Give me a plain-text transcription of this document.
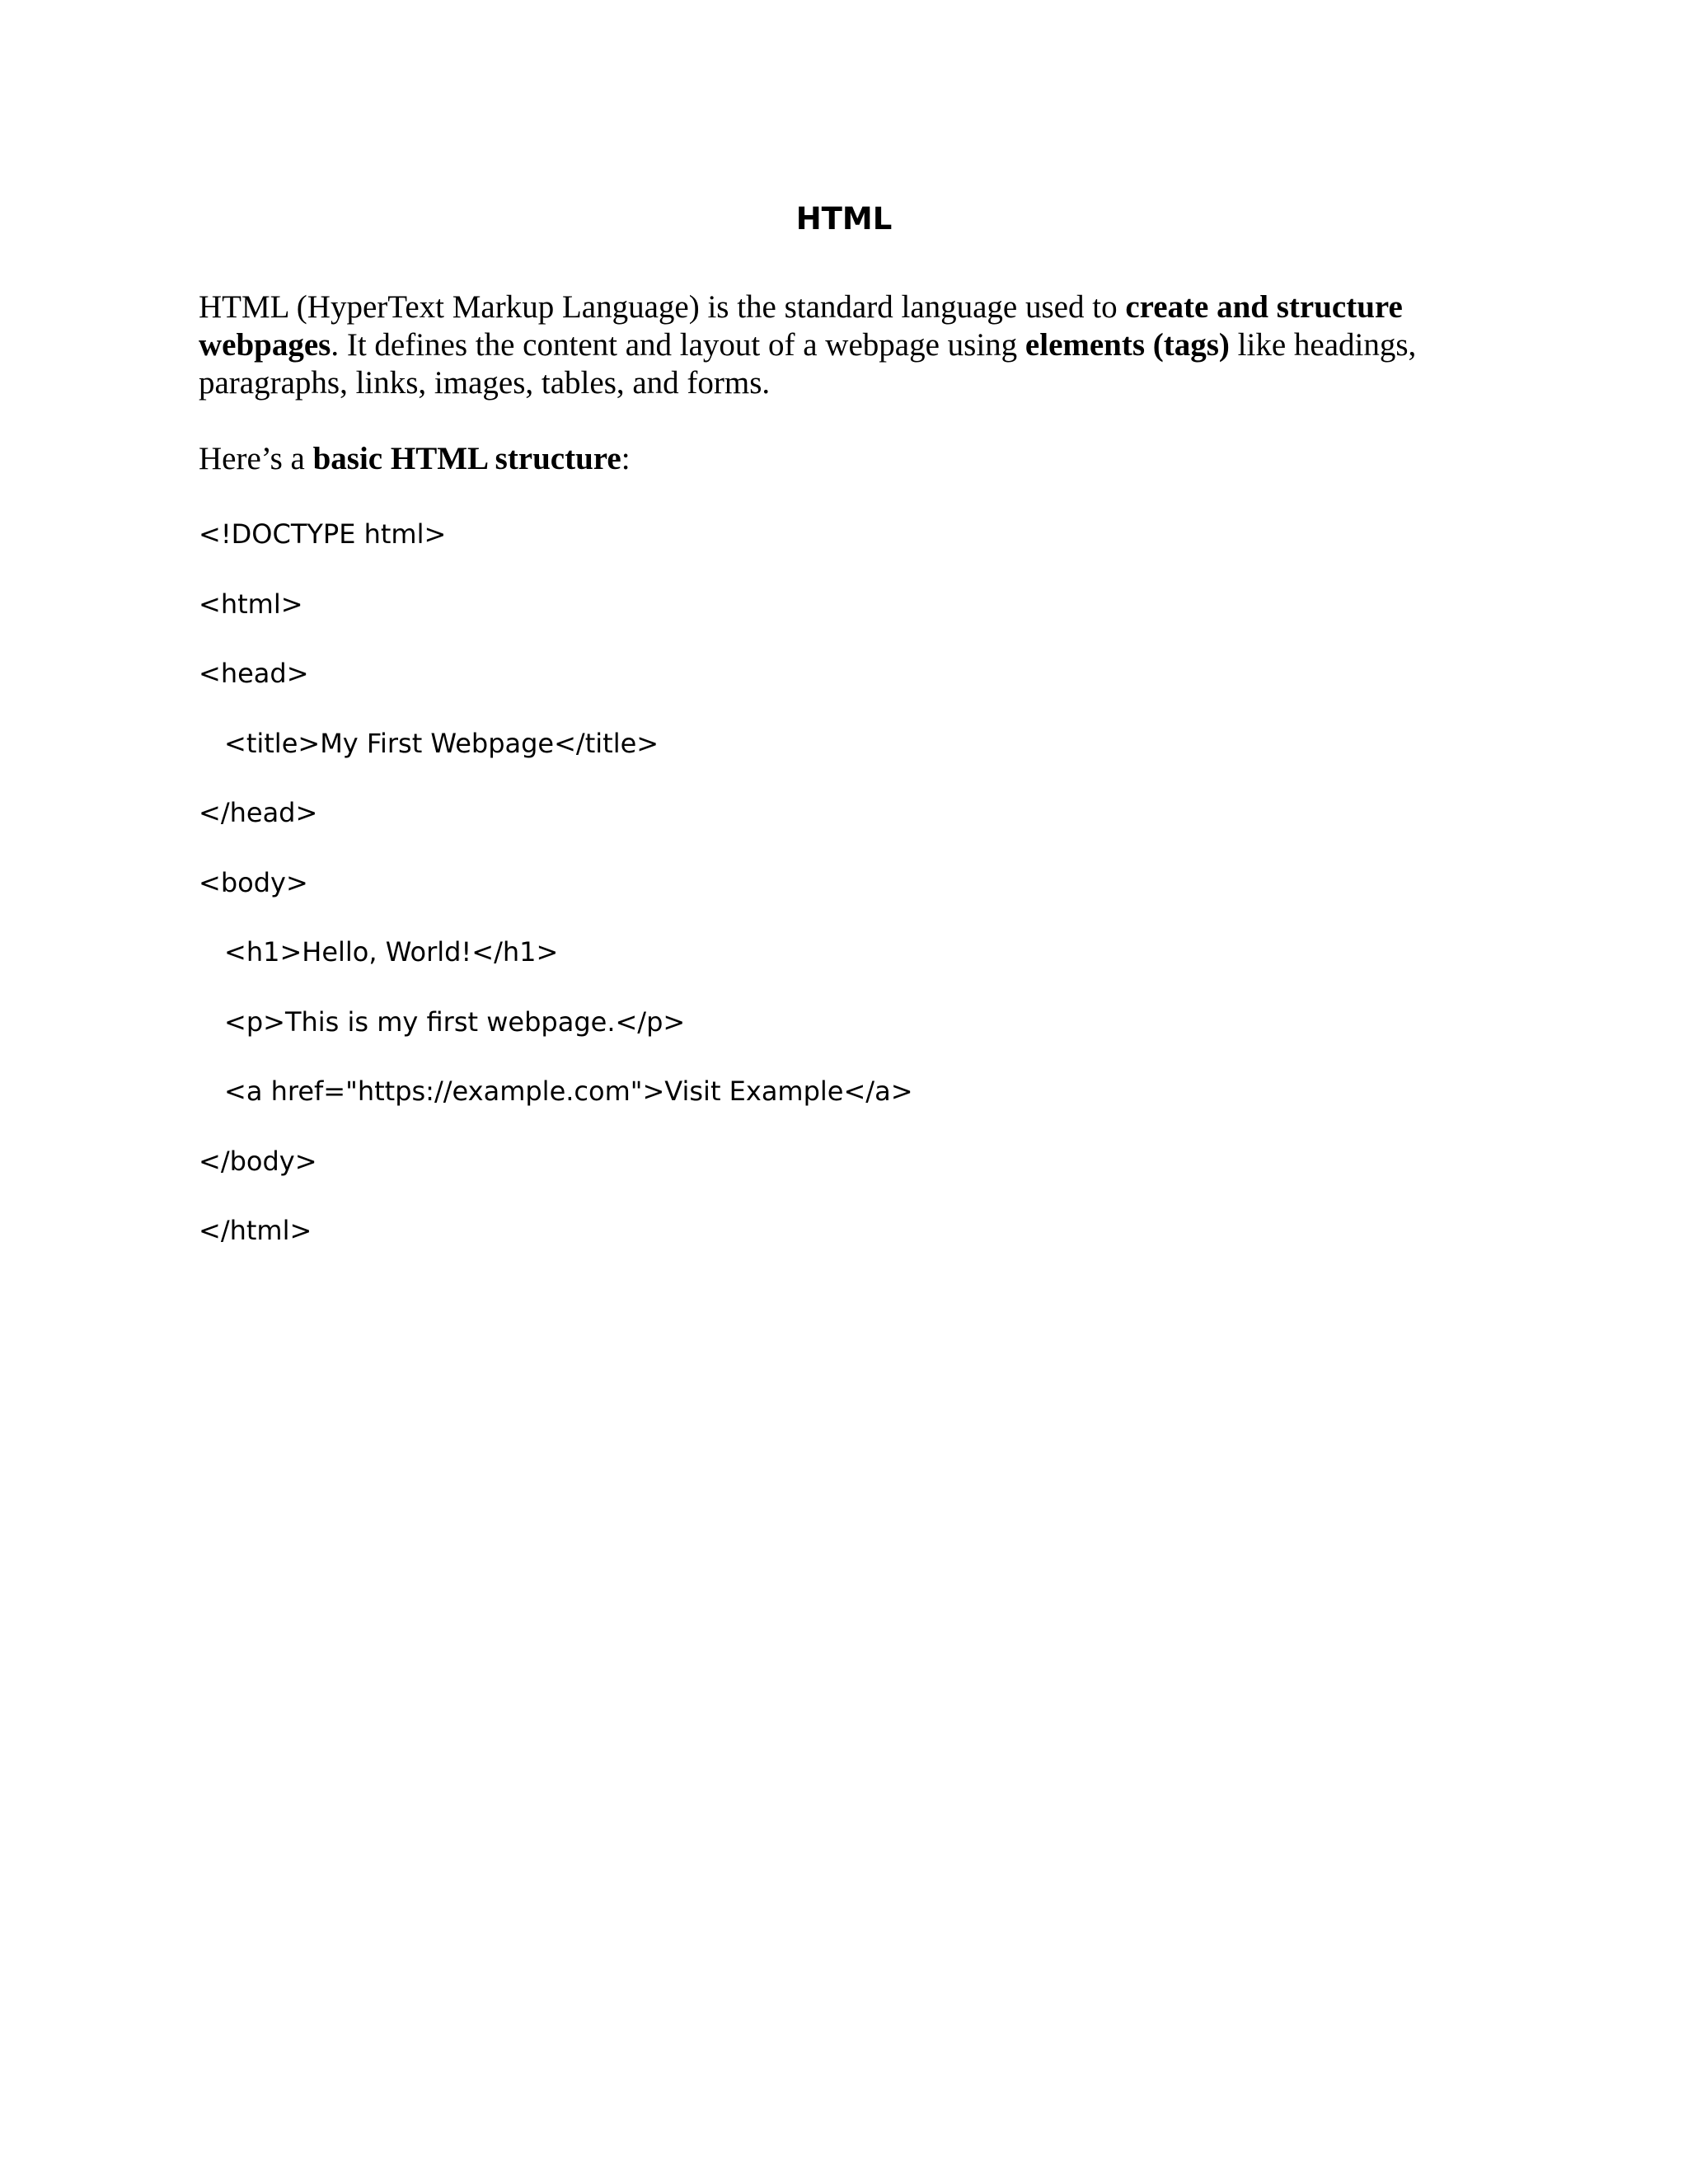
HTML

HTML (HyperText Markup Language) is the standard language used to create and structure
webpages. It defines the content and layout of a webpage using elements (tags) like headings,
paragraphs, links, images, tables, and forms.

Here’s a basic HTML structure:

<!DOCTYPE html>

<html>

<head>

<title>My First Webpage</title>

</head>

<body>

<h1>Hello, World!</h1>

<p>This is my first webpage.</p>

<a href="https://example.com">Visit Example</a>

</body>

</html>
